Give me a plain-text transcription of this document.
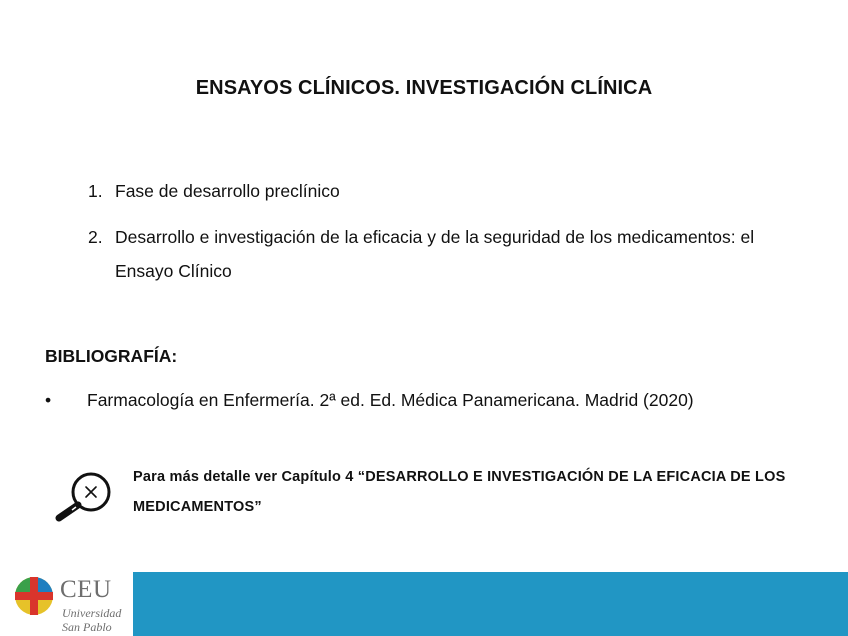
ENSAYOS CLÍNICOS. INVESTIGACIÓN CLÍNICA
1. Fase de desarrollo preclínico
2. Desarrollo e investigación de la eficacia y de la seguridad de los medicamentos: el Ensayo Clínico
BIBLIOGRAFÍA:
•	Farmacología en Enfermería. 2ª ed. Ed. Médica Panamericana. Madrid (2020)
Para más detalle ver Capítulo 4 “DESARROLLO E INVESTIGACIÓN DE LA EFICACIA DE LOS MEDICAMENTOS”
CEU
Universidad
San Pablo
